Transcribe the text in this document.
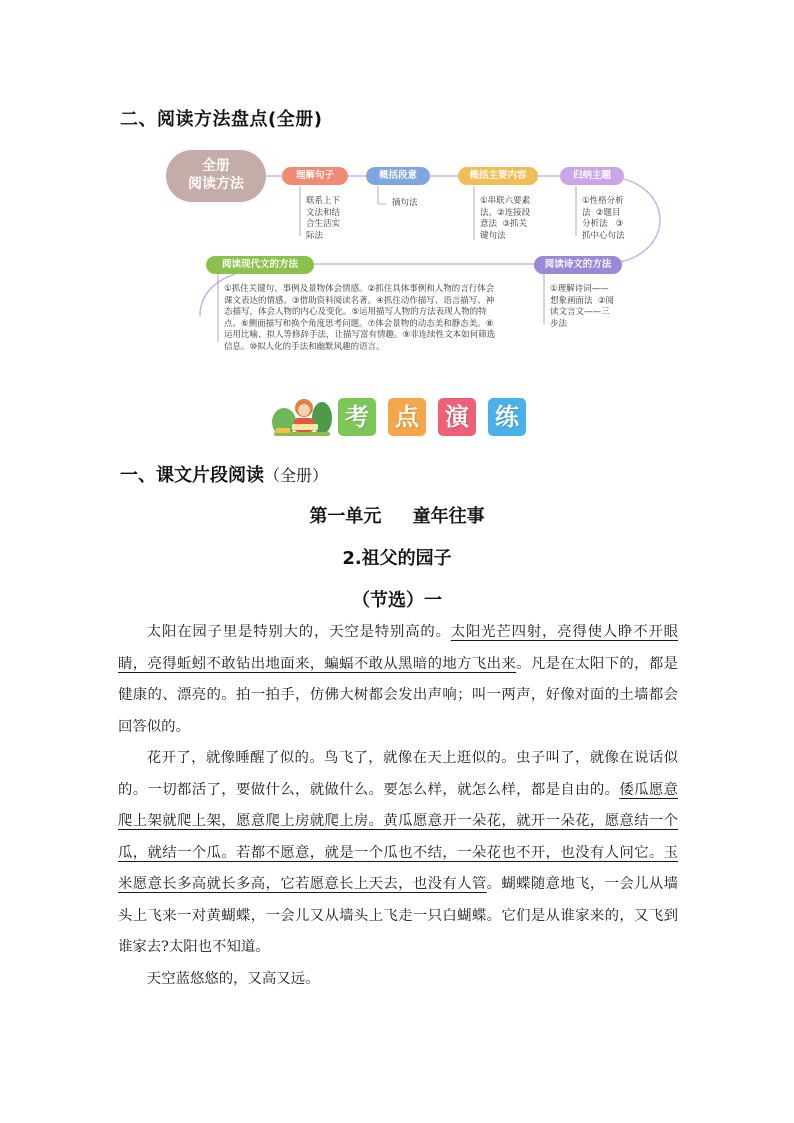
二、阅读方法盘点(全册)
全册
阅读方法
理解句子
联系上下
文法和结
合生活实
际法
概括段意
摘句法
概括主要内容
①串联六要素
法。②连接段
意法  ③抓关
键句法
归纳主题
①性格分析
法  ②题目
分析法   ③
抓中心句法
阅读诗文的方法
①理解诗词——
想象画面法  ②阅
读文言文——三
步法
阅读现代文的方法
①抓住关键句、事例及景物体会情感。②抓住具体事例和人物的言行体会
课文表达的情感。③借助资料阅读名著。④抓住动作描写、语言描写、神
态描写，体会人物的内心及变化。⑤运用描写人物的方法表现人物的特
点。⑥侧面描写和换个角度思考问题。⑦体会景物的动态美和静态美。⑧
运用比喻、拟人等修辞手法，让描写富有情趣。⑨非连续性文本如何筛选
信息。⑩拟人化的手法和幽默风趣的语言。
考 点 演 练
一、课文片段阅读（全册）
第一单元     童年往事
2.祖父的园子
（节选）一

太阳在园子里是特别大的，天空是特别高的。太阳光芒四射，亮得使人睁不开眼睛，亮得蚯蚓不敢钻出地面来，蝙蝠不敢从黑暗的地方飞出来。凡是在太阳下的，都是健康的、漂亮的。拍一拍手，仿佛大树都会发出声响；叫一两声，好像对面的土墙都会回答似的。

花开了，就像睡醒了似的。鸟飞了，就像在天上逛似的。虫子叫了，就像在说话似的。一切都活了，要做什么，就做什么。要怎么样，就怎么样，都是自由的。倭瓜愿意爬上架就爬上架，愿意爬上房就爬上房。黄瓜愿意开一朵花，就开一朵花，愿意结一个瓜，就结一个瓜。若都不愿意，就是一个瓜也不结，一朵花也不开，也没有人问它。玉米愿意长多高就长多高，它若愿意长上天去，也没有人管。蝴蝶随意地飞，一会儿从墙头上飞来一对黄蝴蝶，一会儿又从墙头上飞走一只白蝴蝶。它们是从谁家来的，又飞到谁家去?太阳也不知道。

天空蓝悠悠的，又高又远。
